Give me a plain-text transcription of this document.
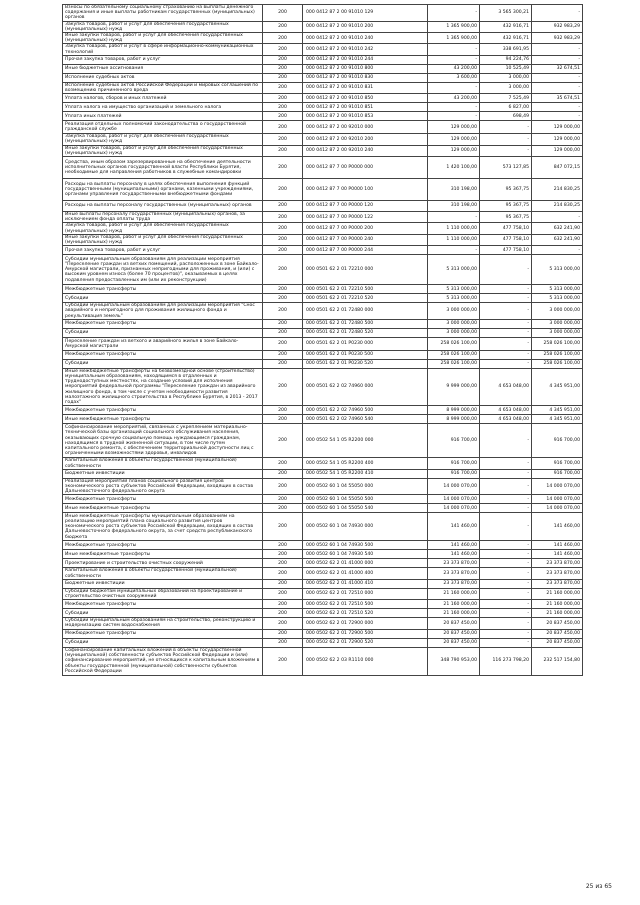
Взносы по обязательному социальному страхованию на выплаты денежного содержания и иные выплаты работникам государственных (муниципальных) органов	200	000 0412 87 2 00 91010 129	-	3 565 300,21	-
Закупка товаров, работ и услуг для обеспечения государственных (муниципальных) нужд	200	000 0412 87 2 00 91010 200	1 365 900,00	432 916,71	932 983,29
Иные закупки товаров, работ и услуг для обеспечения государственных (муниципальных) нужд	200	000 0412 87 2 00 91010 240	1 365 900,00	432 916,71	932 983,29
Закупка товаров, работ и услуг в сфере информационно-коммуникационных технологий	200	000 0412 87 2 00 91010 242	-	338 691,95	-
Прочая закупка товаров, работ и услуг	200	000 0412 87 2 00 91010 244	-	94 224,76	-
Иные бюджетные ассигнования	200	000 0412 87 2 00 91010 800	43 200,00	10 525,49	32 674,51
Исполнение судебных актов	200	000 0412 87 2 00 91010 830	3 600,00	3 000,00	-
Исполнение судебных актов Российской Федерации и мировых соглашений по возмещению причиненного вреда	200	000 0412 87 2 00 91010 831	-	3 000,00	-
Уплата налогов, сборов и иных платежей	200	000 0412 87 2 00 91010 850	43 200,00	7 525,49	35 674,51
Уплата налога на имущество организаций и земельного налога	200	000 0412 87 2 00 91010 851	-	6 827,00	-
Уплата иных платежей	200	000 0412 87 2 00 91010 853	-	698,49	-
Реализация отдельных полномочий законодательства о государственной гражданской службе	200	000 0412 87 2 00 92010 000	129 000,00	-	129 000,00
Закупка товаров, работ и услуг для обеспечения государственных (муниципальных) нужд	200	000 0412 87 2 00 92010 200	129 000,00	-	129 000,00
Иные закупки товаров, работ и услуг для обеспечения государственных (муниципальных) нужд	200	000 0412 87 2 00 92010 240	129 000,00	-	129 000,00
Средства, иным образом зарезервированные на обеспечение деятельности исполнительных органов государственной власти Республики Бурятия, необходимые для направления работников в служебные командировки	200	000 0412 87 7 00 P0000 000	1 420 100,00	573 127,85	847 072,15
Расходы на выплаты персоналу в целях обеспечения выполнения функций государственными (муниципальными) органами, казенными учреждениями, органами управления государственными внебюджетными фондами	200	000 0412 87 7 00 P0000 100	310 198,00	95 367,75	214 830,25
Расходы на выплаты персоналу государственных (муниципальных) органов	200	000 0412 87 7 00 P0000 120	310 198,00	95 367,75	214 830,25
Иные выплаты персоналу государственных (муниципальных) органов, за исключением фонда оплаты труда	200	000 0412 87 7 00 P0000 122	-	95 367,75	-
Закупка товаров, работ и услуг для обеспечения государственных (муниципальных) нужд	200	000 0412 87 7 00 P0000 200	1 110 000,00	477 758,10	632 241,90
Иные закупки товаров, работ и услуг для обеспечения государственных (муниципальных) нужд	200	000 0412 87 7 00 P0000 240	1 110 000,00	477 758,10	632 241,90
Прочая закупка товаров, работ и услуг	200	000 0412 87 7 00 P0000 244	-	477 758,10	-
Субсидии муниципальным образованиям для реализации мероприятия "Переселение граждан из ветхих помещений, расположенных в зоне Байкало-Амурской магистрали, признанных непригодными для проживания, и (или) с высоким уровнем износа (более 70 процентов)", оказываемых в целях подавления предоставленных им (или их реконструкции)	200	000 0501 62 2 01 72210 000	5 313 000,00	-	5 313 000,00
Межбюджетные трансферты	200	000 0501 62 2 01 72210 500	5 313 000,00	-	5 313 000,00
Субсидии	200	000 0501 62 2 01 72210 520	5 313 000,00	-	5 313 000,00
Субсидии муниципальным образованиям для реализации мероприятия "Снос аварийного и непригодного для проживания жилищного фонда и рекультивация земель"	200	000 0501 62 2 01 72480 000	3 000 000,00	-	3 000 000,00
Межбюджетные трансферты	200	000 0501 62 2 01 72480 500	3 000 000,00	-	3 000 000,00
Субсидии	200	000 0501 62 2 01 72480 520	3 000 000,00	-	3 000 000,00
Переселение граждан из ветхого и аварийного жилья в зоне Байкало-Амурской магистрали	200	000 0501 62 2 01 P0230 000	258 026 100,00	-	258 026 100,00
Межбюджетные трансферты	200	000 0501 62 2 01 P0230 500	258 026 100,00	-	258 026 100,00
Субсидии	200	000 0501 62 2 01 P0230 520	258 026 100,00	-	258 026 100,00
Иные межбюджетные трансферты на безвозмездной основе (строительство) муниципальным образованиям, находящимся в отдаленных и труднодоступных местностях, на создание условий для исполнения мероприятий федеральной программы "Переселение граждан из аварийного жилищного фонда, в том числе с учетом необходимости развития малоэтажного жилищного строительства в Республике Бурятия, в 2013 - 2017 годах"	200	000 0501 62 2 02 74960 000	9 999 000,00	4 653 048,00	4 345 951,00
Межбюджетные трансферты	200	000 0501 62 2 02 74960 500	8 999 000,00	4 653 048,00	4 345 951,00
Иные межбюджетные трансферты	200	000 0501 62 2 02 74960 540	8 999 000,00	4 653 048,00	4 345 951,00
Софинансирование мероприятий, связанных с укреплением материально-технической базы организаций социального обслуживания населения, оказывающих срочную социальную помощь нуждающимся гражданам, находящимся в трудной жизненной ситуации, в том числе путем капитального ремонта, с обеспечением территориальной доступности лиц с ограниченными возможностями здоровья, инвалидов	200	000 0502 54 1 05 R2200 000	916 700,00	-	916 700,00
Капитальные вложения в объекты государственной (муниципальной) собственности	200	000 0502 54 1 05 R2200 400	916 700,00	-	916 700,00
Бюджетные инвестиции	200	000 0502 54 1 05 R2200 410	916 700,00	-	916 700,00
Реализация мероприятий планов социального развития центров экономического роста субъектов Российской Федерации, входящих в состав Дальневосточного федерального округа	200	000 0502 60 1 04 55050 000	14 000 070,00	-	14 000 070,00
Межбюджетные трансферты	200	000 0502 60 1 04 55050 500	14 000 070,00	-	14 000 070,00
Иные межбюджетные трансферты	200	000 0502 60 1 04 55050 540	14 000 070,00	-	14 000 070,00
Иные межбюджетные трансферты муниципальным образованиям на реализацию мероприятий плана социального развития центров экономического роста субъектов Российской Федерации, входящих в состав Дальневосточного федерального округа, за счет средств республиканского бюджета	200	000 0502 60 1 04 74930 000	141 460,00	-	141 460,00
Межбюджетные трансферты	200	000 0502 60 1 04 74930 500	141 460,00	-	141 460,00
Иные межбюджетные трансферты	200	000 0502 60 1 04 74930 540	141 460,00	-	141 460,00
Проектирование и строительство очистных сооружений	200	000 0502 62 2 01 41000 000	23 373 870,00	-	23 373 870,00
Капитальные вложения в объекты государственной (муниципальной) собственности	200	000 0502 62 2 01 41000 400	23 373 870,00	-	23 373 870,00
Бюджетные инвестиции	200	000 0502 62 2 01 41000 410	23 373 870,00	-	23 373 870,00
Субсидии бюджетам муниципальных образований на проектирование и строительство очистных сооружений	200	000 0502 62 2 01 72510 000	21 160 000,00	-	21 160 000,00
Межбюджетные трансферты	200	000 0502 62 2 01 72510 500	21 160 000,00	-	21 160 000,00
Субсидии	200	000 0502 62 2 01 72510 520	21 160 000,00	-	21 160 000,00
Субсидии муниципальным образованиям на строительство, реконструкцию и модернизацию систем водоснабжения	200	000 0502 62 2 01 72900 000	20 837 450,00	-	20 837 450,00
Межбюджетные трансферты	200	000 0502 62 2 01 72900 500	20 837 450,00	-	20 837 450,00
Субсидии	200	000 0502 62 2 01 72900 520	20 837 450,00	-	20 837 450,00
Софинансирование капитальных вложений в объекты государственной (муниципальной) собственности субъектов Российской Федерации и (или) софинансирование мероприятий, не относящихся к капитальным вложениям в объекты государственной (муниципальной) собственности субъектов Российской Федерации	200	000 0502 62 2 03 R1110 000	348 790 953,00	116 273 798,20	232 517 154,80
25 из 65
